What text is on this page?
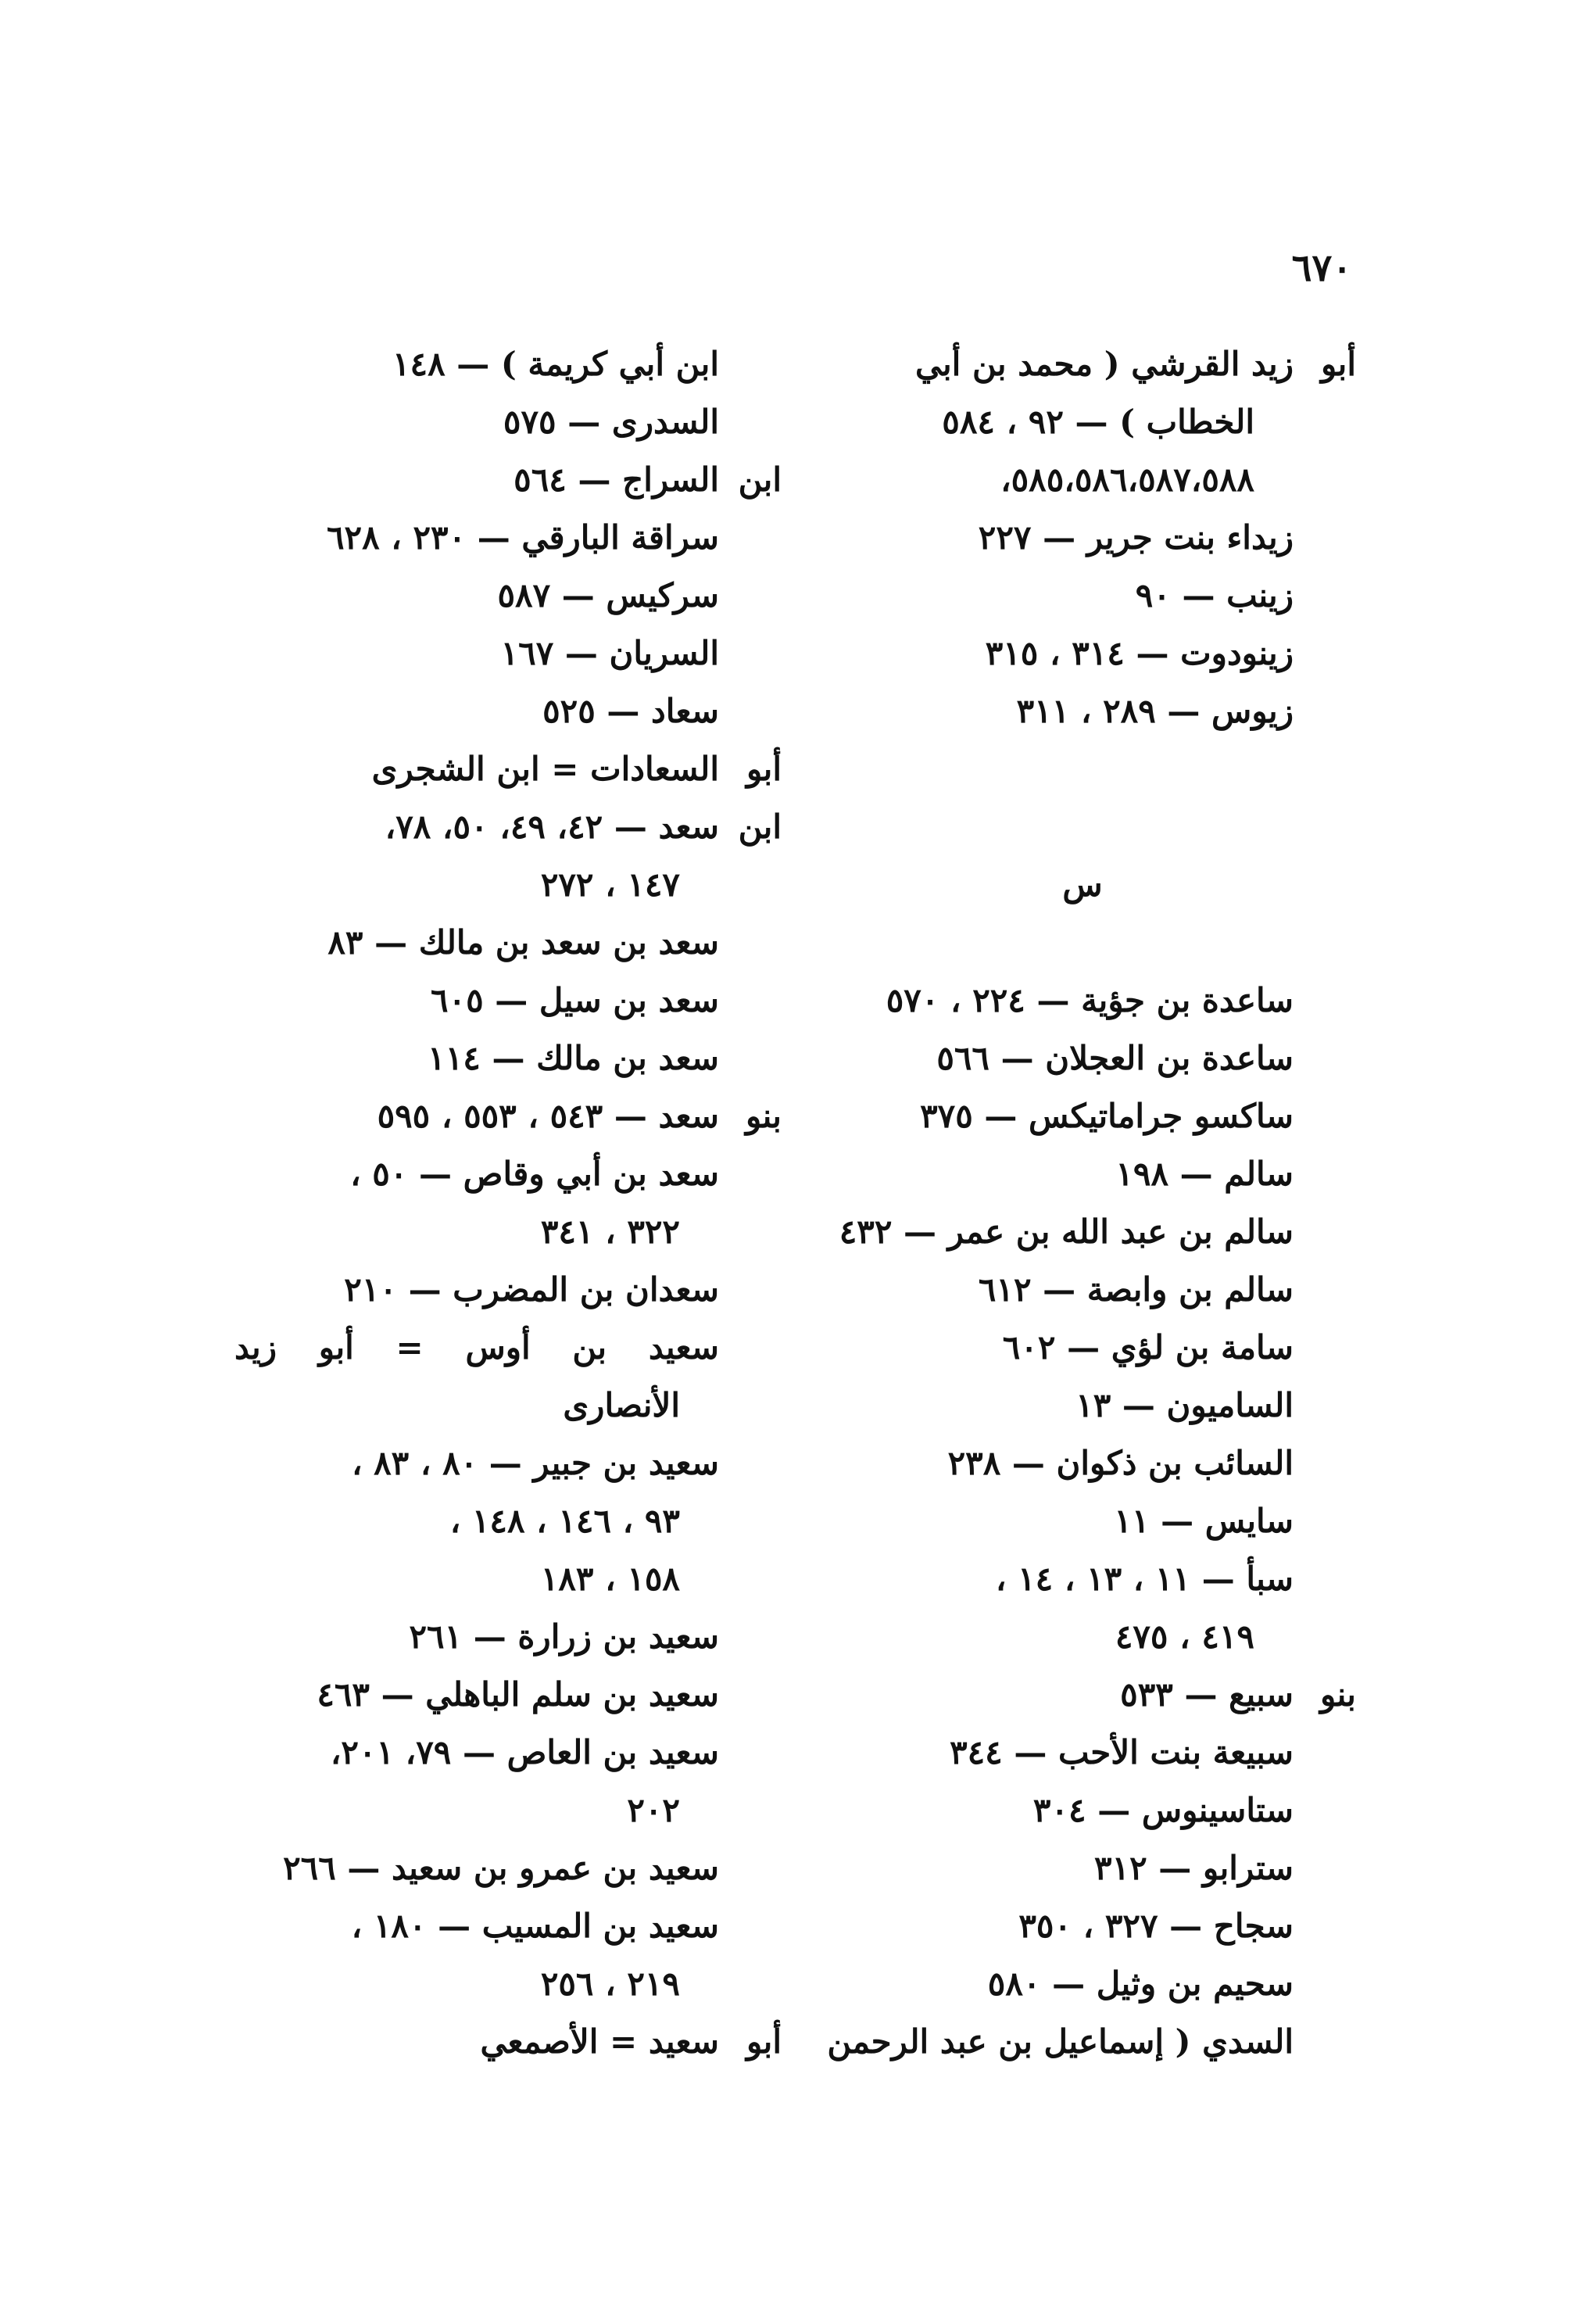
٦٧٠
أبو
زيد القرشي ( محمد بن أبي
الخطاب ) — ٩٢ ، ٥٨٤
٥٨٥،٥٨٦،٥٨٧،٥٨٨،
زيداء بنت جرير — ٢٢٧
زينب — ٩٠
زينودوت — ٣١٤ ، ٣١٥
زيوس — ٢٨٩ ، ٣١١
س
ساعدة بن جؤية — ٢٢٤ ، ٥٧٠
ساعدة بن العجلان — ٥٦٦
ساكسو جراماتيكس — ٣٧٥
سالم — ١٩٨
سالم بن عبد الله بن عمر — ٤٣٢
سالم بن وابصة — ٦١٢
سامة بن لؤي — ٦٠٢
الساميون — ١٣
السائب بن ذكوان — ٢٣٨
سايس — ١١
سبأ — ١١ ، ١٣ ، ١٤ ،
٤١٩ ، ٤٧٥
بنو
سبيع — ٥٣٣
سبيعة بنت الأحب — ٣٤٤
ستاسينوس — ٣٠٤
سترابو — ٣١٢
سجاح — ٣٢٧ ، ٣٥٠
سحيم بن وثيل — ٥٨٠
السدي ( إسماعيل بن عبد الرحمن
ابن أبي كريمة ) — ١٤٨
السدرى — ٥٧٥
ابن
السراج — ٥٦٤
سراقة البارقي — ٢٣٠ ، ٦٢٨
سركيس — ٥٨٧
السريان — ١٦٧
سعاد — ٥٢٥
أبو
السعادات = ابن الشجرى
ابن
سعد — ٤٢، ٤٩، ٥٠، ٧٨،
١٤٧ ، ٢٧٢
سعد بن سعد بن مالك — ٨٣
سعد بن سيل — ٦٠٥
سعد بن مالك — ١١٤
بنو
سعد — ٥٤٣ ، ٥٥٣ ، ٥٩٥
سعد بن أبي وقاص — ٥٠ ،
٣٢٢ ، ٣٤١
سعدان بن المضرب — ٢١٠
سعيد بن أوس = أبو زيد
الأنصارى
سعيد بن جبير — ٨٠ ، ٨٣ ،
٩٣ ، ١٤٦ ، ١٤٨ ،
١٥٨ ، ١٨٣
سعيد بن زرارة — ٢٦١
سعيد بن سلم الباهلي — ٤٦٣
سعيد بن العاص — ٧٩، ٢٠١،
٢٠٢
سعيد بن عمرو بن سعيد — ٢٦٦
سعيد بن المسيب — ١٨٠ ،
٢١٩ ، ٢٥٦
أبو
سعيد = الأصمعي
